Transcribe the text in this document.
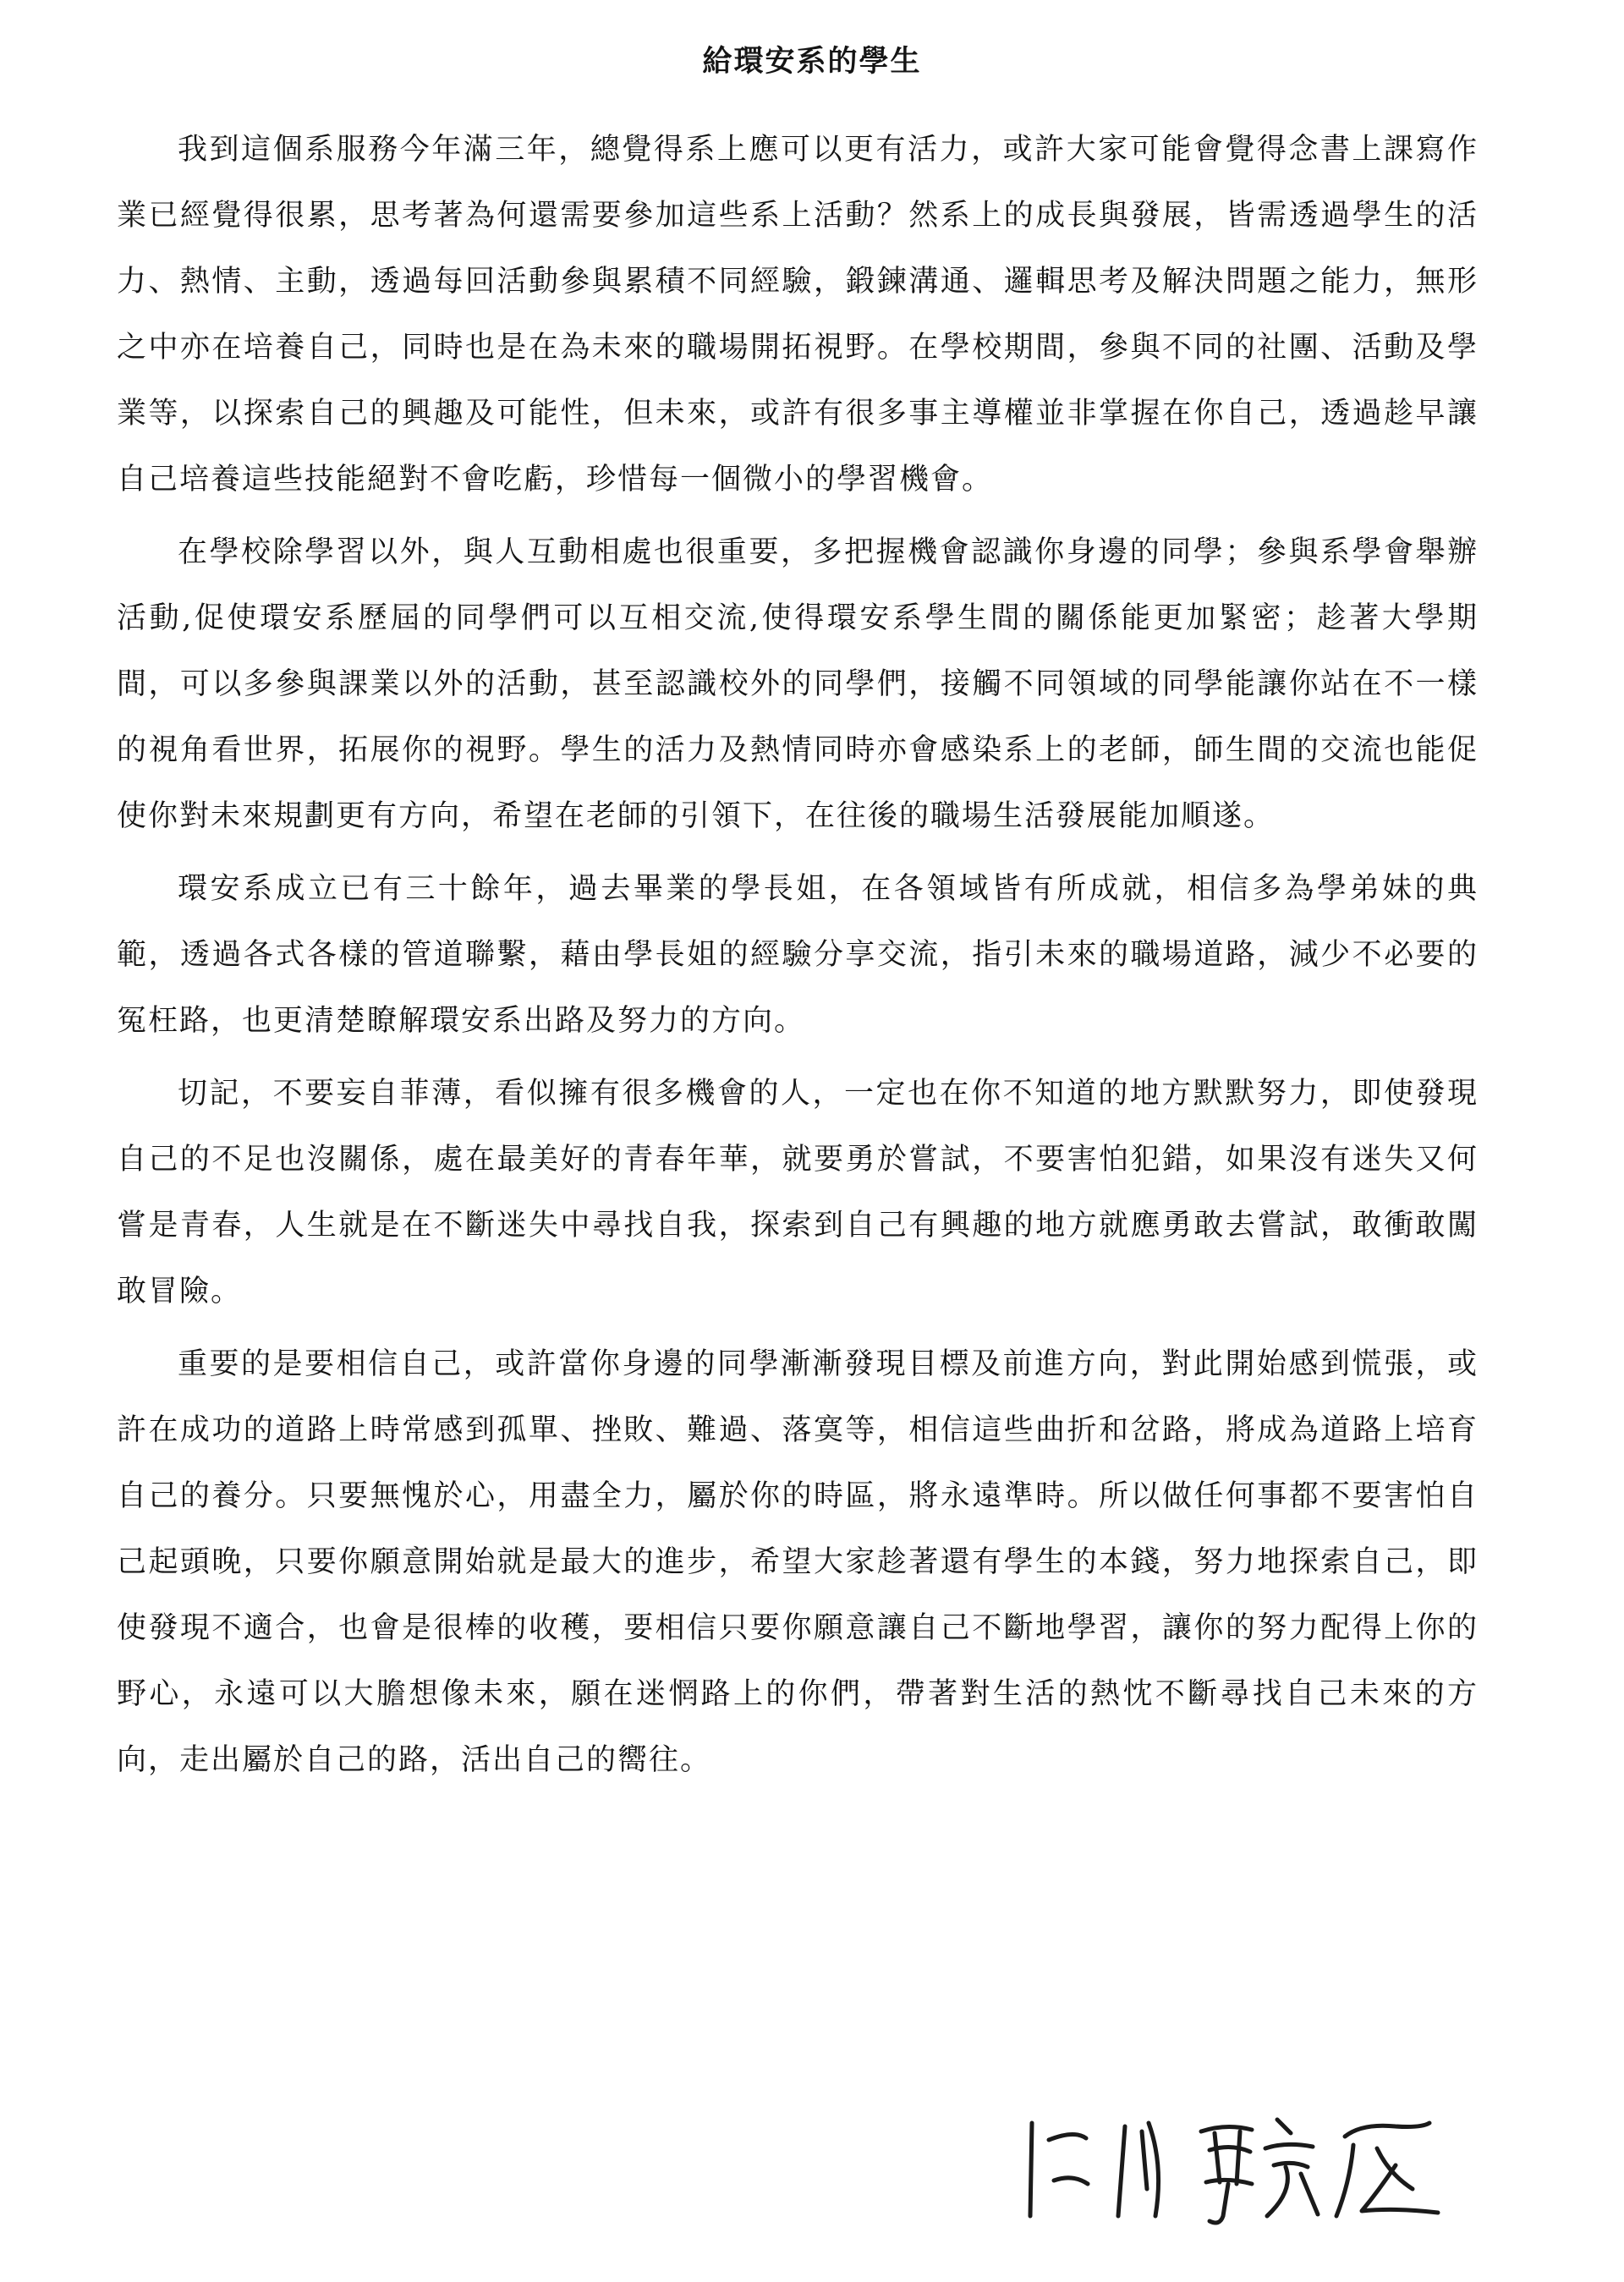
給環安系的學生

我到這個系服務今年滿三年，總覺得系上應可以更有活力，或許大家可能會覺得念書上課寫作業已經覺得很累，思考著為何還需要參加這些系上活動？然系上的成長與發展，皆需透過學生的活力、熱情、主動，透過每回活動參與累積不同經驗，鍛鍊溝通、邏輯思考及解決問題之能力，無形之中亦在培養自己，同時也是在為未來的職場開拓視野。在學校期間，參與不同的社團、活動及學業等，以探索自己的興趣及可能性，但未來，或許有很多事主導權並非掌握在你自己，透過趁早讓自己培養這些技能絕對不會吃虧，珍惜每一個微小的學習機會。

在學校除學習以外，與人互動相處也很重要，多把握機會認識你身邊的同學；參與系學會舉辦活動,促使環安系歷屆的同學們可以互相交流,使得環安系學生間的關係能更加緊密；趁著大學期間，可以多參與課業以外的活動，甚至認識校外的同學們，接觸不同領域的同學能讓你站在不一樣的視角看世界，拓展你的視野。學生的活力及熱情同時亦會感染系上的老師，師生間的交流也能促使你對未來規劃更有方向，希望在老師的引領下，在往後的職場生活發展能加順遂。

環安系成立已有三十餘年，過去畢業的學長姐，在各領域皆有所成就，相信多為學弟妹的典範，透過各式各樣的管道聯繫，藉由學長姐的經驗分享交流，指引未來的職場道路，減少不必要的冤枉路，也更清楚瞭解環安系出路及努力的方向。

切記，不要妄自菲薄，看似擁有很多機會的人，一定也在你不知道的地方默默努力，即使發現自己的不足也沒關係，處在最美好的青春年華，就要勇於嘗試，不要害怕犯錯，如果沒有迷失又何嘗是青春，人生就是在不斷迷失中尋找自我，探索到自己有興趣的地方就應勇敢去嘗試，敢衝敢闖敢冒險。

重要的是要相信自己，或許當你身邊的同學漸漸發現目標及前進方向，對此開始感到慌張，或許在成功的道路上時常感到孤單、挫敗、難過、落寞等，相信這些曲折和岔路，將成為道路上培育自己的養分。只要無愧於心，用盡全力，屬於你的時區，將永遠準時。所以做任何事都不要害怕自己起頭晚，只要你願意開始就是最大的進步，希望大家趁著還有學生的本錢，努力地探索自己，即使發現不適合，也會是很棒的收穫，要相信只要你願意讓自己不斷地學習，讓你的努力配得上你的野心，永遠可以大膽想像未來，願在迷惘路上的你們，帶著對生活的熱忱不斷尋找自己未來的方向，走出屬於自己的路，活出自己的嚮往。
